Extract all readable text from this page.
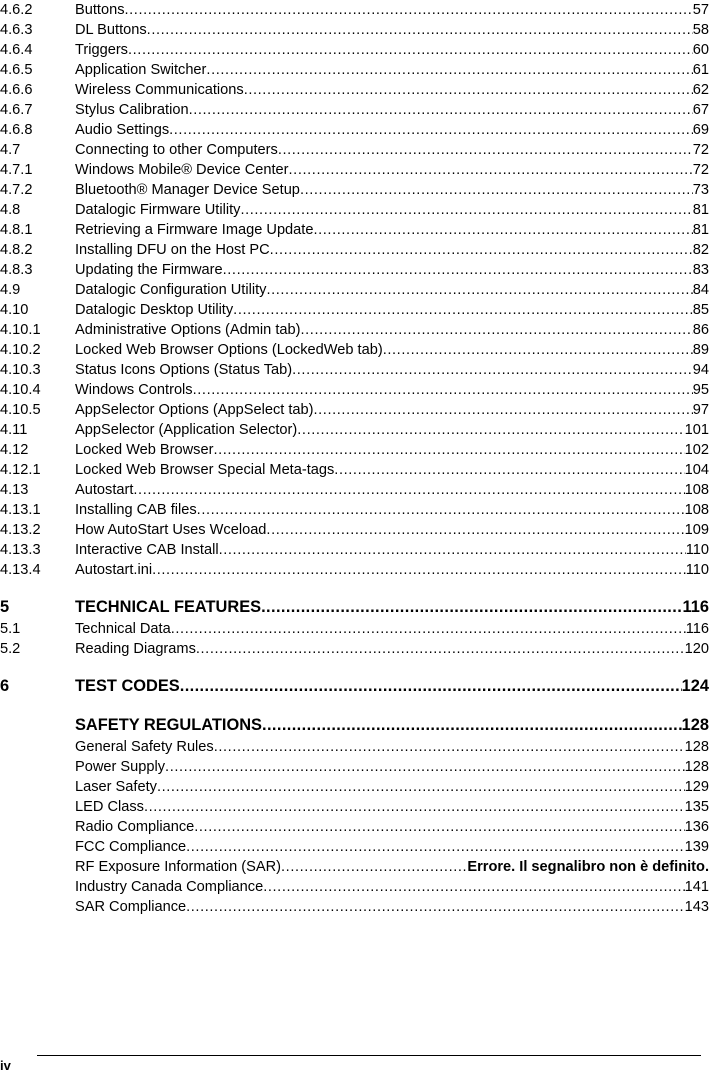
4.6.2	Buttons .....	57
4.6.3	DL Buttons .....	58
4.6.4	Triggers .....	60
4.6.5	Application Switcher .....	61
4.6.6	Wireless Communications .....	62
4.6.7	Stylus Calibration .....	67
4.6.8	Audio Settings .....	69
4.7	Connecting to other Computers .....	72
4.7.1	Windows Mobile® Device Center .....	72
4.7.2	Bluetooth® Manager Device Setup .....	73
4.8	Datalogic Firmware Utility .....	81
4.8.1	Retrieving a Firmware Image Update .....	81
4.8.2	Installing DFU on the Host PC .....	82
4.8.3	Updating the Firmware .....	83
4.9	Datalogic Configuration Utility .....	84
4.10	Datalogic Desktop Utility .....	85
4.10.1 Administrative Options (Admin tab) .....	86
4.10.2 Locked Web Browser Options (LockedWeb tab) .....	89
4.10.3 Status Icons Options (Status Tab) .....	94
4.10.4 Windows Controls .....	95
4.10.5 AppSelector Options (AppSelect tab) .....	97
4.11	AppSelector (Application Selector) .....	101
4.12	Locked Web Browser .....	102
4.12.1 Locked Web Browser Special Meta-tags .....	104
4.13	Autostart .....	108
4.13.1 Installing CAB files .....	108
4.13.2 How AutoStart Uses Wceload .....	109
4.13.3 Interactive CAB Install .....	110
4.13.4 Autostart.ini .....	110
5	TECHNICAL FEATURES .....	116
5.1	Technical Data .....	116
5.2	Reading Diagrams .....	120
6	TEST CODES .....	124
SAFETY REGULATIONS .....	128
General Safety Rules .....	128
Power Supply .....	128
Laser Safety .....	129
LED Class .....	135
Radio Compliance .....	136
FCC Compliance .....	139
RF Exposure Information (SAR) .....	Errore. Il segnalibro non è definito.
Industry Canada Compliance .....	141
SAR Compliance .....	143
iv
